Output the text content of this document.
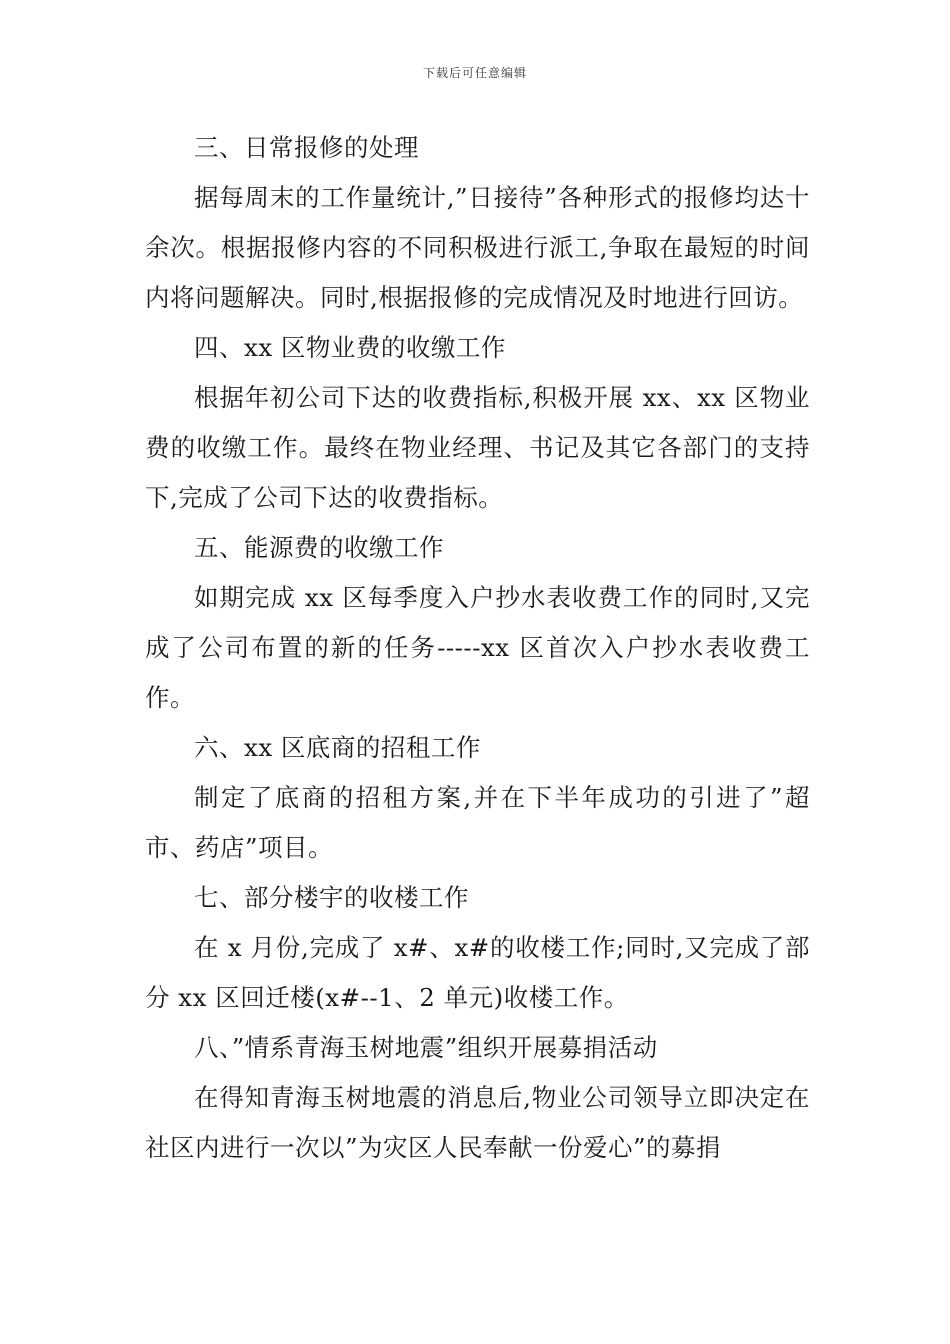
下载后可任意编辑

三、日常报修的处理

据每周末的工作量统计,”日接待”各种形式的报修均达十余次。根据报修内容的不同积极进行派工,争取在最短的时间内将问题解决。同时,根据报修的完成情况及时地进行回访。

四、xx 区物业费的收缴工作

根据年初公司下达的收费指标,积极开展 xx、xx 区物业费的收缴工作。最终在物业经理、书记及其它各部门的支持下,完成了公司下达的收费指标。

五、能源费的收缴工作

如期完成 xx 区每季度入户抄水表收费工作的同时,又完成了公司布置的新的任务-----xx 区首次入户抄水表收费工作。

六、xx 区底商的招租工作

制定了底商的招租方案,并在下半年成功的引进了”超市、药店”项目。

七、部分楼宇的收楼工作

在 x 月份,完成了 x#、x#的收楼工作;同时,又完成了部分 xx 区回迁楼(x#--1、2 单元)收楼工作。

八、”情系青海玉树地震”组织开展募捐活动

在得知青海玉树地震的消息后,物业公司领导立即决定在社区内进行一次以”为灾区人民奉献一份爱心”的募捐
